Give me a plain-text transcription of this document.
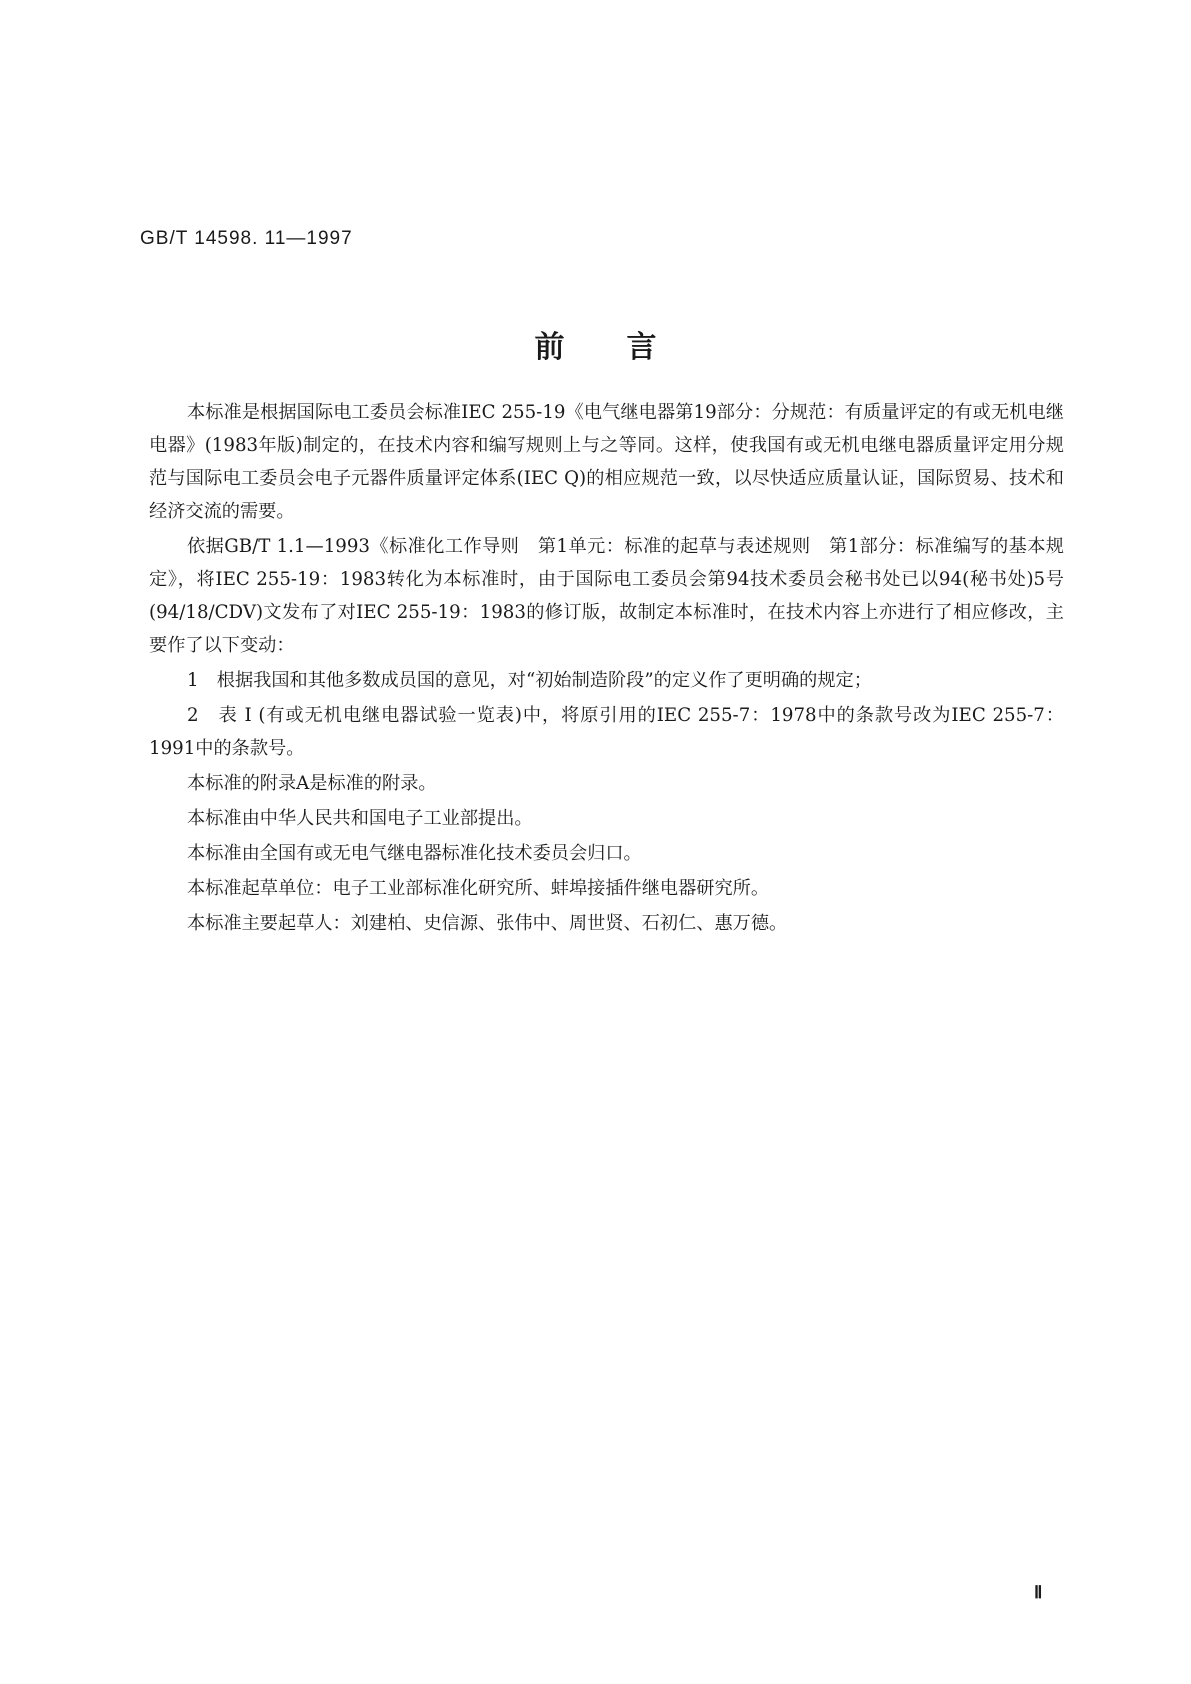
GB/T 14598. 11—1997
前言

本标准是根据国际电工委员会标准IEC 255-19《电气继电器第19部分：分规范：有质量评定的有或无机电继电器》(1983年版)制定的，在技术内容和编写规则上与之等同。这样，使我国有或无机电继电器质量评定用分规范与国际电工委员会电子元器件质量评定体系(IEC Q)的相应规范一致，以尽快适应质量认证，国际贸易、技术和经济交流的需要。

依据GB/T 1.1—1993《标准化工作导则　第1单元：标准的起草与表述规则　第1部分：标准编写的基本规定》，将IEC 255-19：1983转化为本标准时，由于国际电工委员会第94技术委员会秘书处已以94(秘书处)5号(94/18/CDV)文发布了对IEC 255-19：1983的修订版，故制定本标准时，在技术内容上亦进行了相应修改，主要作了以下变动：

1　根据我国和其他多数成员国的意见，对“初始制造阶段”的定义作了更明确的规定；

2　表 I (有或无机电继电器试验一览表)中，将原引用的IEC 255-7：1978中的条款号改为IEC 255-7：1991中的条款号。

本标准的附录A是标准的附录。

本标准由中华人民共和国电子工业部提出。

本标准由全国有或无电气继电器标准化技术委员会归口。

本标准起草单位：电子工业部标准化研究所、蚌埠接插件继电器研究所。

本标准主要起草人：刘建柏、史信源、张伟中、周世贤、石初仁、惠万德。

Ⅱ
